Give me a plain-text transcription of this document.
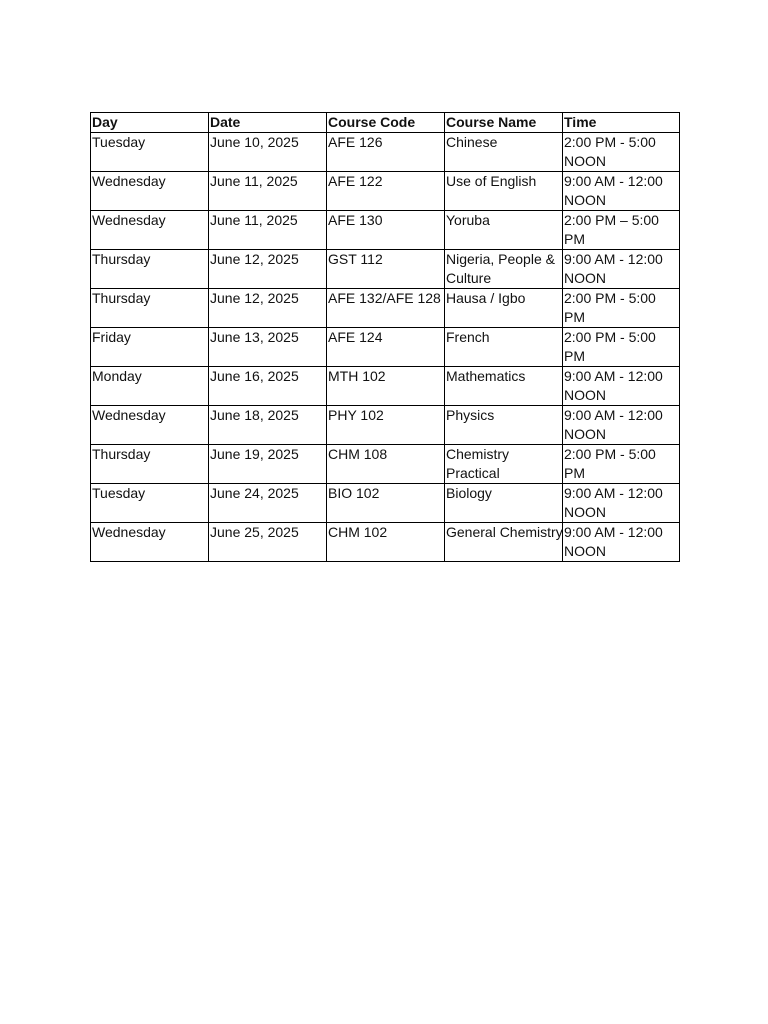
Day	Date	Course Code	Course Name	Time
Tuesday	June 10, 2025	AFE 126	Chinese	2:00 PM - 5:00 NOON
Wednesday	June 11, 2025	AFE 122	Use of English	9:00 AM - 12:00 NOON
Wednesday	June 11, 2025	AFE 130	Yoruba	2:00 PM – 5:00 PM
Thursday	June 12, 2025	GST 112	Nigeria, People & Culture	9:00 AM - 12:00 NOON
Thursday	June 12, 2025	AFE 132/AFE 128	Hausa / Igbo	2:00 PM - 5:00 PM
Friday	June 13, 2025	AFE 124	French	2:00 PM - 5:00 PM
Monday	June 16, 2025	MTH 102	Mathematics	9:00 AM - 12:00 NOON
Wednesday	June 18, 2025	PHY 102	Physics	9:00 AM - 12:00 NOON
Thursday	June 19, 2025	CHM 108	Chemistry Practical	2:00 PM - 5:00 PM
Tuesday	June 24, 2025	BIO 102	Biology	9:00 AM - 12:00 NOON
Wednesday	June 25, 2025	CHM 102	General Chemistry	9:00 AM - 12:00 NOON
